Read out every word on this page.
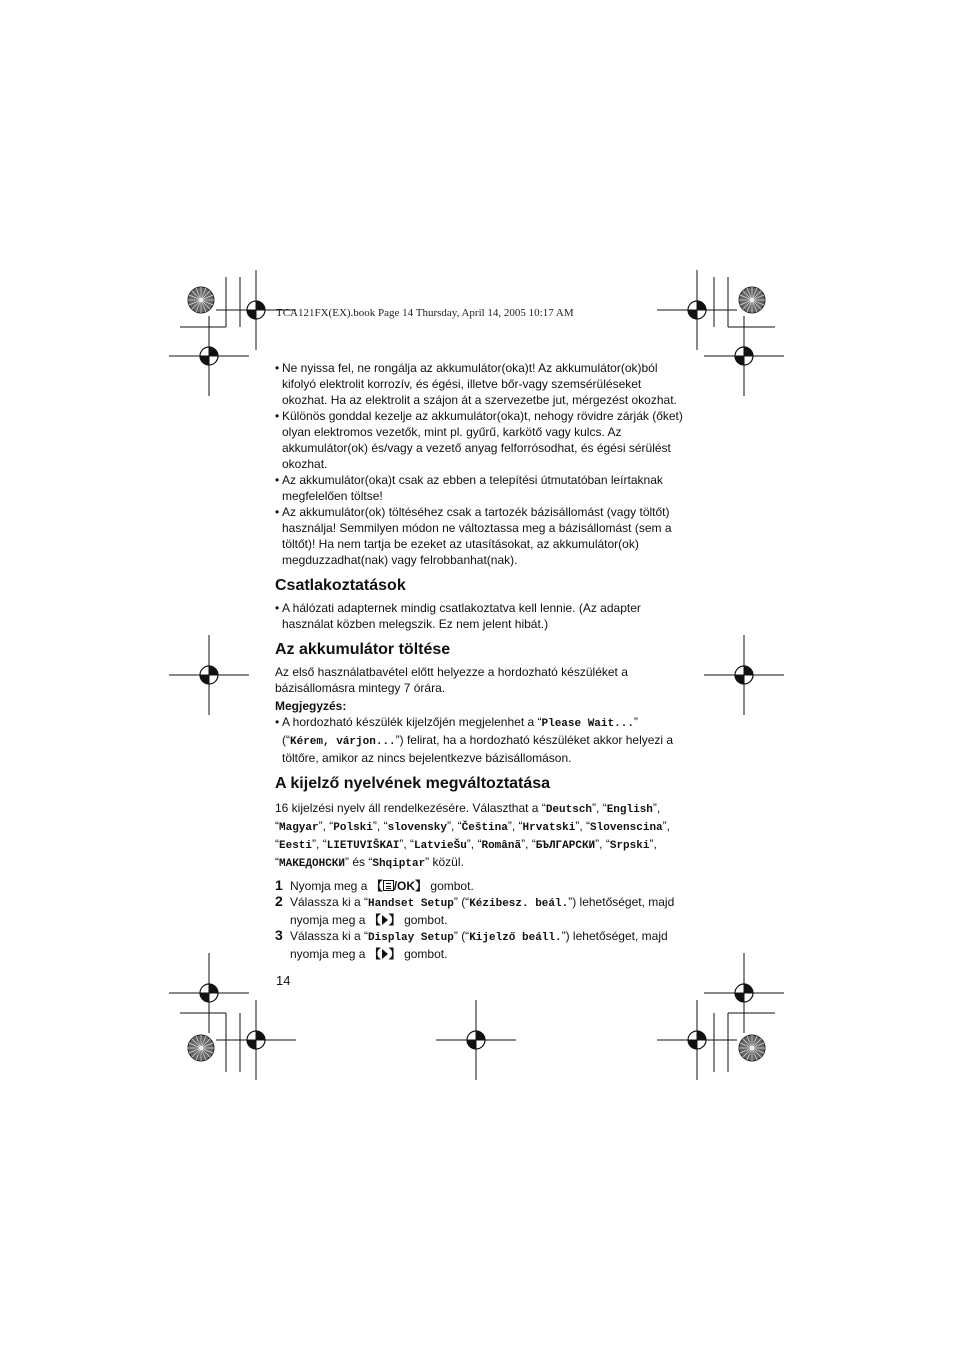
TCA121FX(EX).book Page 14 Thursday, April 14, 2005 10:17 AM

• Ne nyissa fel, ne rongálja az akkumulátor(oka)t! Az akkumulátor(ok)ból kifolyó elektrolit korrozív, és égési, illetve bőr-vagy szemsérüléseket okozhat. Ha az elektrolit a szájon át a szervezetbe jut, mérgezést okozhat.

• Különös gonddal kezelje az akkumulátor(oka)t, nehogy rövidre zárják (őket) olyan elektromos vezetők, mint pl. gyűrű, karkötő vagy kulcs. Az akkumulátor(ok) és/vagy a vezető anyag felforrósodhat, és égési sérülést okozhat.

• Az akkumulátor(oka)t csak az ebben a telepítési útmutatóban leírtaknak megfelelően töltse!

• Az akkumulátor(ok) töltéséhez csak a tartozék bázisállomást (vagy töltőt) használja! Semmilyen módon ne változtassa meg a bázisállomást (sem a töltőt)! Ha nem tartja be ezeket az utasításokat, az akkumulátor(ok) megduzzadhat(nak) vagy felrobbanhat(nak).

Csatlakoztatások

• A hálózati adapternek mindig csatlakoztatva kell lennie. (Az adapter használat közben melegszik. Ez nem jelent hibát.)

Az akkumulátor töltése

Az első használatbavétel előtt helyezze a hordozható készüléket a bázisállomásra mintegy 7 órára.

Megjegyzés:

• A hordozható készülék kijelzőjén megjelenhet a “Please Wait...” (“Kérem, várjon...”) felirat, ha a hordozható készüléket akkor helyezi a töltőre, amikor az nincs bejelentkezve bázisállomáson.

A kijelző nyelvének megváltoztatása

16 kijelzési nyelv áll rendelkezésére. Választhat a “Deutsch”, “English”, “Magyar”, “Polski”, “slovensky”, “Čeština”, “Hrvatski”, “Slovenscina”, “Eesti”, “LIETUVIŠKAI”, “LatvieŠu”, “Românã”, “БЪЛГАРСКИ”, “Srpski”, “МАКЕДОНСКИ” és “Shqiptar” közül.

1 Nyomja meg a 【 /OK】 gombot.

2 Válassza ki a “Handset Setup” (“Kézibesz. beál.”) lehetőséget, majd nyomja meg a 【 】 gombot.

3 Válassza ki a “Display Setup” (“Kijelző beáll.”) lehetőséget, majd nyomja meg a 【 】 gombot.

14
